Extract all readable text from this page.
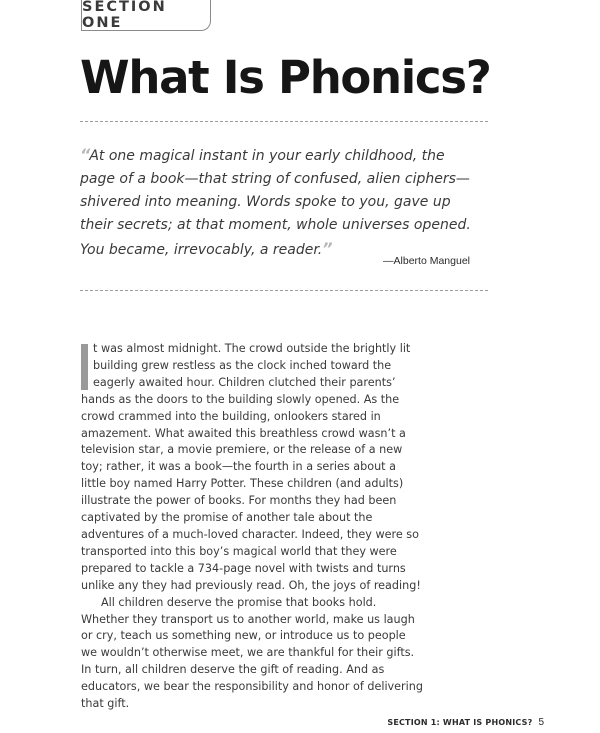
SECTION ONE
What Is Phonics?

“At one magical instant in your early childhood, the page of a book—that string of confused, alien ciphers—shivered into meaning. Words spoke to you, gave up their secrets; at that moment, whole universes opened. You became, irrevocably, a reader.”

—Alberto Manguel

t was almost midnight. The crowd outside the brightly lit building grew restless as the clock inched toward the eagerly awaited hour. Children clutched their parents’ hands as the doors to the building slowly opened. As the crowd crammed into the building, onlookers stared in amazement. What awaited this breathless crowd wasn’t a television star, a movie premiere, or the release of a new toy; rather, it was a book—the fourth in a series about a little boy named Harry Potter. These children (and adults) illustrate the power of books. For months they had been captivated by the promise of another tale about the adventures of a much-loved character. Indeed, they were so transported into this boy’s magical world that they were prepared to tackle a 734-page novel with twists and turns unlike any they had previously read. Oh, the joys of reading!

All children deserve the promise that books hold. Whether they transport us to another world, make us laugh or cry, teach us something new, or introduce us to people we wouldn’t otherwise meet, we are thankful for their gifts. In turn, all children deserve the gift of reading. And as educators, we bear the responsibility and honor of delivering that gift.

SECTION 1: WHAT IS PHONICS? 5
